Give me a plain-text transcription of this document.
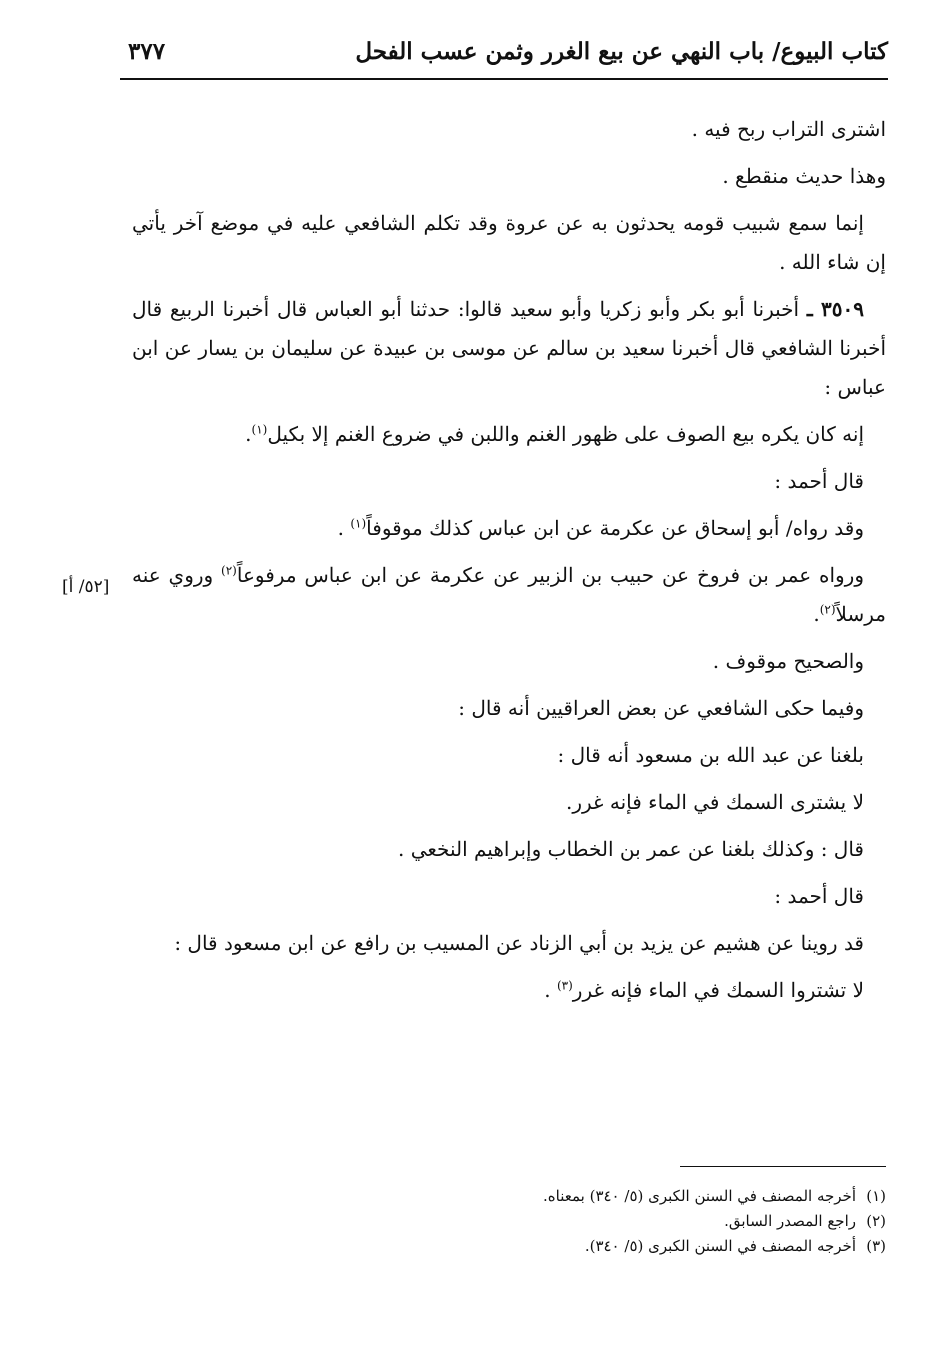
كتاب البيوع/ باب النهي عن بيع الغرر وثمن عسب الفحل
٣٧٧
[٥٢/ أ]

اشترى التراب ربح فيه .

وهذا حديث منقطع .

إنما سمع شبيب قومه يحدثون به عن عروة وقد تكلم الشافعي عليه في موضع آخر يأتي إن شاء الله .

٣٥٠٩ ـ أخبرنا أبو بكر وأبو زكريا وأبو سعيد قالوا: حدثنا أبو العباس قال أخبرنا الربيع قال أخبرنا الشافعي قال أخبرنا سعيد بن سالم عن موسى بن عبيدة عن سليمان بن يسار عن ابن عباس :

إنه كان يكره بيع الصوف على ظهور الغنم واللبن في ضروع الغنم إلا بكيل$^{(١)}$.

قال أحمد :

وقد رواه/ أبو إسحاق عن عكرمة عن ابن عباس كذلك موقوفاً$^{(١)}$ .

ورواه عمر بن فروخ عن حبيب بن الزبير عن عكرمة عن ابن عباس مرفوعاً$^{(٢)}$ وروي عنه مرسلاً$^{(٢)}$.

والصحيح موقوف .

وفيما حكى الشافعي عن بعض العراقيين أنه قال :

بلغنا عن عبد الله بن مسعود أنه قال :

لا يشترى السمك في الماء فإنه غرر.

قال : وكذلك بلغنا عن عمر بن الخطاب وإبراهيم النخعي .

قال أحمد :

قد روينا عن هشيم عن يزيد بن أبي الزناد عن المسيب بن رافع عن ابن مسعود قال :

لا تشتروا السمك في الماء فإنه غرر$^{(٣)}$ .

(١)أخرجه المصنف في السنن الكبرى (٥/ ٣٤٠) بمعناه.
(٢)راجع المصدر السابق.
(٣)أخرجه المصنف في السنن الكبرى (٥/ ٣٤٠).
